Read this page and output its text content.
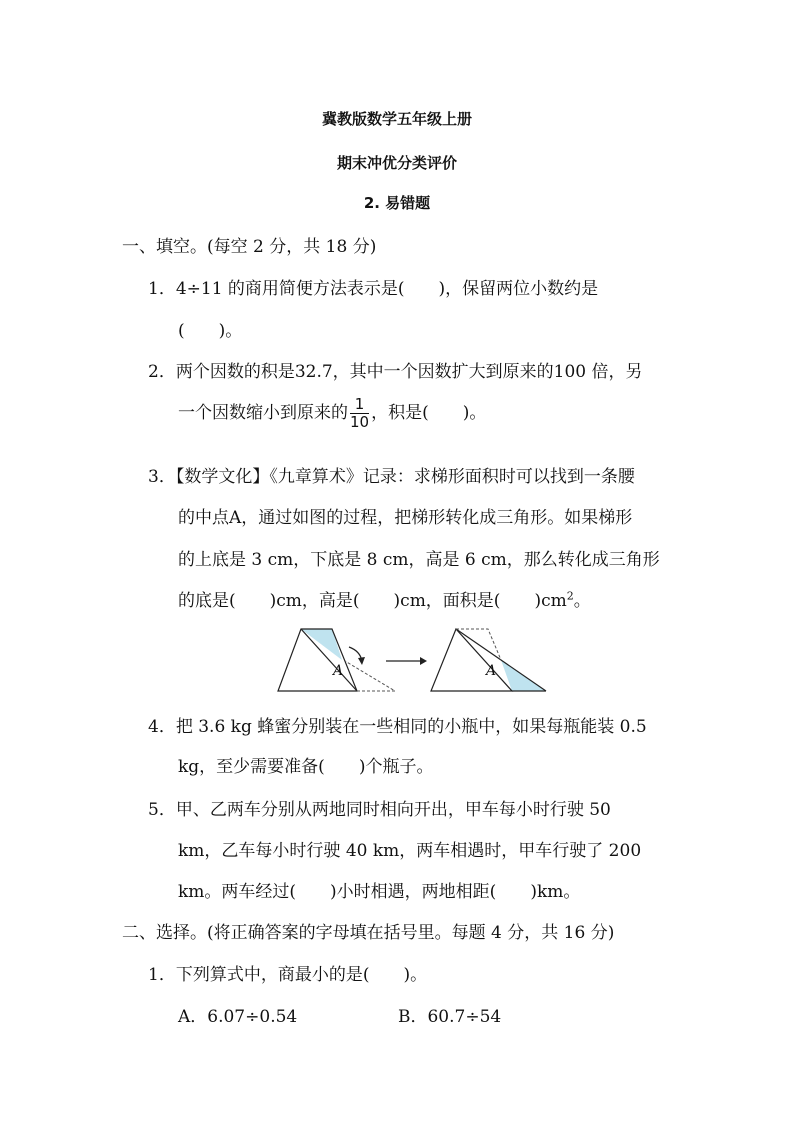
冀教版数学五年级上册
期末冲优分类评价
2. 易错题
一、填空。(每空 2 分，共 18 分)
1．4÷11 的商用简便方法表示是(　　)，保留两位小数约是
(　　)。
2．两个因数的积是32.7，其中一个因数扩大到原来的100 倍，另
一个因数缩小到原来的 $\frac{1}{10}$ ，积是(　　)。
3．【数学文化】《九章算术》记录：求梯形面积时可以找到一条腰
的中点A，通过如图的过程，把梯形转化成三角形。如果梯形
的上底是 3 cm，下底是 8 cm，高是 6 cm，那么转化成三角形
的底是(　　)cm，高是(　　)cm，面积是(　　)$cm^2$。
A	A
4．把 3.6 kg 蜂蜜分别装在一些相同的小瓶中，如果每瓶能装 0.5
kg，至少需要准备(　　)个瓶子。
5．甲、乙两车分别从两地同时相向开出，甲车每小时行驶 50
km，乙车每小时行驶 40 km，两车相遇时，甲车行驶了 200
km。两车经过(　　)小时相遇，两地相距(　　)km。
二、选择。(将正确答案的字母填在括号里。每题 4 分，共 16 分)
1．下列算式中，商最小的是(　　)。
A．6.07÷0.54	B．60.7÷54
